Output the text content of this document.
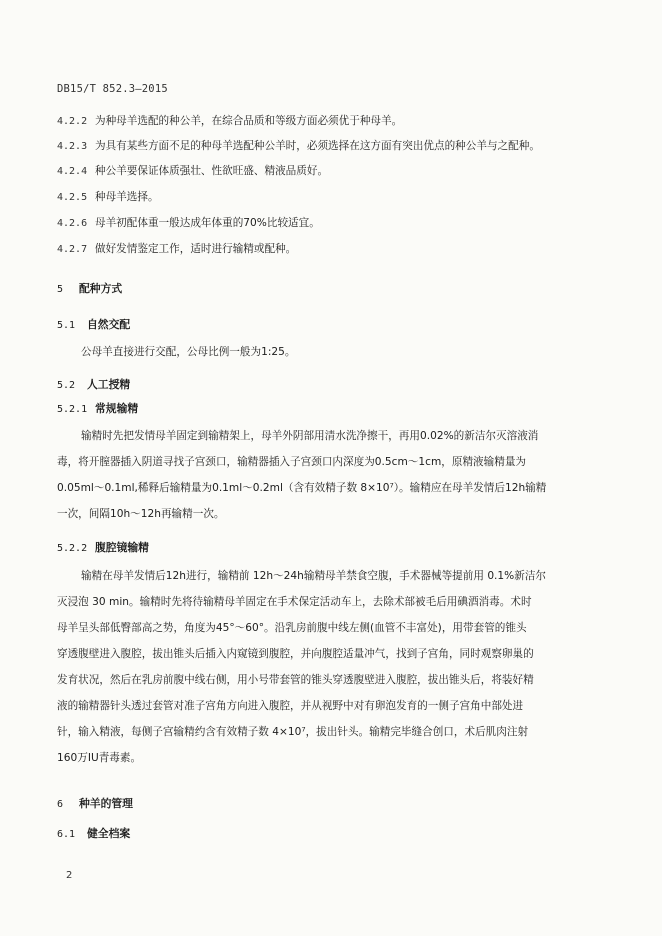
DB15/T 852.3—2015
4.2.2 为种母羊选配的种公羊，在综合品质和等级方面必须优于种母羊。
4.2.3 为具有某些方面不足的种母羊选配种公羊时，必须选择在这方面有突出优点的种公羊与之配种。
4.2.4 种公羊要保证体质强壮、性欲旺盛、精液品质好。
4.2.5 种母羊选择。
4.2.6 母羊初配体重一般达成年体重的70%比较适宜。
4.2.7 做好发情鉴定工作，适时进行输精或配种。
5 配种方式
5.1 自然交配
公母羊直接进行交配，公母比例一般为1:25。
5.2 人工授精
5.2.1 常规输精
输精时先把发情母羊固定到输精架上，母羊外阴部用清水洗净擦干，再用0.02%的新洁尔灭溶液消
毒，将开膣器插入阴道寻找子宫颈口，输精器插入子宫颈口内深度为0.5cm～1cm，原精液输精量为
0.05ml～0.1ml,稀释后输精量为0.1ml～0.2ml（含有效精子数 8×10⁷）。输精应在母羊发情后12h输精
一次，间隔10h～12h再输精一次。
5.2.2 腹腔镜输精
输精在母羊发情后12h进行，输精前 12h～24h输精母羊禁食空腹，手术器械等提前用 0.1%新洁尔
灭浸泡 30 min。输精时先将待输精母羊固定在手术保定活动车上，去除术部被毛后用碘酒消毒。术时
母羊呈头部低臀部高之势，角度为45°～60°。沿乳房前腹中线左侧(血管不丰富处)，用带套管的锥头
穿透腹壁进入腹腔，拔出锥头后插入内窥镜到腹腔，并向腹腔适量冲气，找到子宫角，同时观察卵巢的
发育状况，然后在乳房前腹中线右侧，用小号带套管的锥头穿透腹壁进入腹腔，拔出锥头后，将装好精
液的输精器针头透过套管对准子宫角方向进入腹腔，并从视野中对有卵泡发育的一侧子宫角中部处进
针，输入精液，每侧子宫输精约含有效精子数 4×10⁷，拔出针头。输精完毕缝合创口，术后肌肉注射
160万IU青毒素。
6 种羊的管理
6.1 健全档案
2
